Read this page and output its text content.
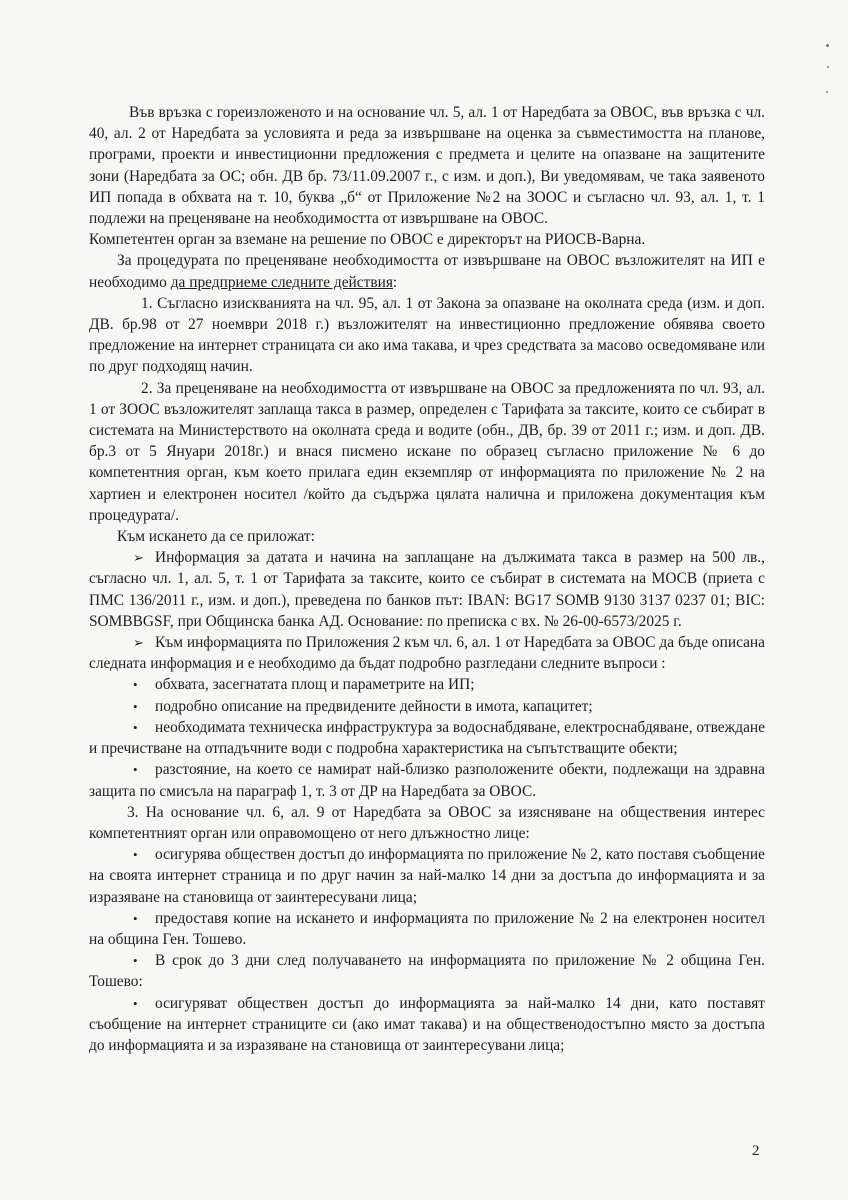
Във връзка с гореизложеното и на основание чл. 5, ал. 1 от Наредбата за ОВОС, във връзка с чл. 40, ал. 2 от Наредбата за условията и реда за извършване на оценка за съвместимостта на планове, програми, проекти и инвестиционни предложения с предмета и целите на опазване на защитените зони (Наредбата за ОС; обн. ДВ бр. 73/11.09.2007 г., с изм. и доп.), Ви уведомявам, че така заявеното ИП попада в обхвата на т. 10, буква „б“ от Приложение №2 на ЗООС и съгласно чл. 93, ал. 1, т. 1 подлежи на преценяване на необходимостта от извършване на ОВОС.

Компетентен орган за вземане на решение по ОВОС е директорът на РИОСВ-Варна.

За процедурата по преценяване необходимостта от извършване на ОВОС възложителят на ИП е необходимо да предприеме следните действия:

1. Съгласно изискванията на чл. 95, ал. 1 от Закона за опазване на околната среда (изм. и доп. ДВ. бр.98 от 27 ноември 2018 г.) възложителят на инвестиционно предложение обявява своето предложение на интернет страницата си ако има такава, и чрез средствата за масово осведомяване или по друг подходящ начин.

2. За преценяване на необходимостта от извършване на ОВОС за предложенията по чл. 93, ал. 1 от ЗООС възложителят заплаща такса в размер, определен с Тарифата за таксите, които се събират в системата на Министерството на околната среда и водите (обн., ДВ, бр. 39 от 2011 г.; изм. и доп. ДВ. бр.3 от 5 Януари 2018г.) и внася писмено искане по образец съгласно приложение № 6 до компетентния орган, към което прилага един екземпляр от информацията по приложение № 2 на хартиен и електронен носител /който да съдържа цялата налична и приложена документация към процедурата/.

Към искането да се прилoжат:

➢ Информация за датата и начина на заплащане на дължимата такса в размер на 500 лв., съгласно чл. 1, ал. 5, т. 1 от Тарифата за таксите, които се събират в системата на МОСВ (приета с ПМС 136/2011 г., изм. и доп.), преведена по банков път: IBAN: BG17 SOMB 9130 3137 0237 01; BIC: SOMBBGSF, при Общинска банка АД. Основание: по преписка с вх. № 26-00-6573/2025 г.

➢ Към информацията по Приложения 2 към чл. 6, ал. 1 от Наредбата за ОВОС да бъде описана следната информация и е необходимо да бъдат подробно разгледани следните въпроси :

• обхвата, засегнатата площ и параметрите на ИП;

• подробно описание на предвидените дейности в имота, капацитет;

• необходимата техническа инфраструктура за водоснабдяване, електроснабдяване, отвеждане и пречистване на отпадъчните води с подробна характеристика на съпътстващите обекти;

• разстояние, на което се намират най-близко разположените обекти, подлежащи на здравна защита по смисъла на параграф 1, т. 3 от ДР на Наредбата за ОВОС.

3. На основание чл. 6, ал. 9 от Наредбата за ОВОС за изясняване на обществения интерес компетентният орган или оправомощено от него длъжностно лице:

• осигурява обществен достъп до информацията по приложение № 2, като поставя съобщение на своята интернет страница и по друг начин за най-малко 14 дни за достъпа до информацията и за изразяване на становища от заинтересувани лица;

• предоставя копие на искането и информацията по приложение № 2 на електронен носител на община Ген. Тошево.

• В срок до 3 дни след получаването на информацията по приложение № 2 община Ген. Тошево:

• осигуряват обществен достъп до информацията за най-малко 14 дни, като поставят съобщение на интернет страниците си (ако имат такава) и на общественодостъпно място за достъпа до информацията и за изразяване на становища от заинтересувани лица;

2
